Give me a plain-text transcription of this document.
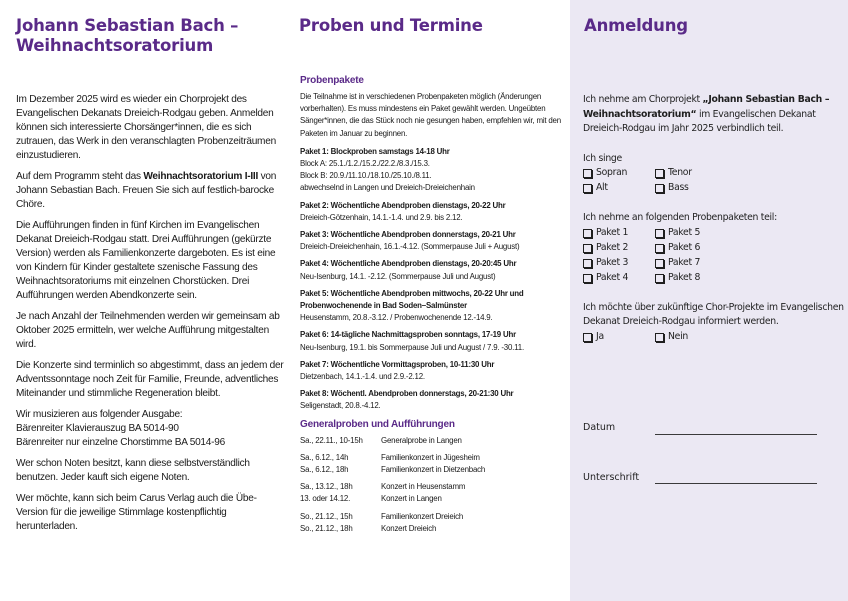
Johann Sebastian Bach – Weihnachtsoratorium

Im Dezember 2025 wird es wieder ein Chorprojekt des Evangelischen Dekanats Dreieich-Rodgau geben. Anmelden können sich interessierte Chorsänger*innen, die es sich zutrauen, das Werk in den veranschlagten Probenzeiträumen einzustudieren.

Auf dem Programm steht das Weihnachtsoratorium I-III von Johann Sebastian Bach. Freuen Sie sich auf festlich-barocke Chöre.

Die Aufführungen finden in fünf Kirchen im Evangelischen Dekanat Dreieich-Rodgau statt. Drei Aufführungen (gekürzte Version) werden als Familienkonzerte dargeboten. Es ist eine von Kindern für Kinder gestaltete szenische Fassung des Weihnachtsoratoriums mit einzelnen Chorstücken. Drei Aufführungen werden Abendkonzerte sein.

Je nach Anzahl der Teilnehmenden werden wir gemeinsam ab Oktober 2025 ermitteln, wer welche Aufführung mitgestalten wird.

Die Konzerte sind terminlich so abgestimmt, dass an jedem der Adventssonntage noch Zeit für Familie, Freunde, adventliches Miteinander und stimmliche Regeneration bleibt.

Wir musizieren aus folgender Ausgabe:
Bärenreiter Klavierauszug BA 5014-90
Bärenreiter nur einzelne Chorstimme BA 5014-96

Wer schon Noten besitzt, kann diese selbstverständlich benutzen. Jeder kauft sich eigene Noten.

Wer möchte, kann sich beim Carus Verlag auch die Übe-Version für die jeweilige Stimmlage kostenpflichtig herunterladen.

Proben und Termine
Probenpakete
Die Teilnahme ist in verschiedenen Probenpaketen möglich (Änderungen vorberhalten). Es muss mindestens ein Paket gewählt werden. Ungeübten Sänger*innen, die das Stück noch nie gesungen haben, empfehlen wir, mit den Paketen im Januar zu beginnen.
Paket 1: Blockproben samstags 14-18 Uhr
Block A: 25.1./1.2./15.2./22.2./8.3./15.3.
Block B: 20.9./11.10./18.10./25.10./8.11.
abwechselnd in Langen und Dreieich-Dreieichenhain
Paket 2: Wöchentliche Abendproben dienstags, 20-22 Uhr
Dreieich-Götzenhain, 14.1.-1.4. und 2.9. bis 2.12.
Paket 3: Wöchentliche Abendproben donnerstags, 20-21 Uhr
Dreieich-Dreieichenhain, 16.1.-4.12. (Sommerpause Juli + August)
Paket 4: Wöchentliche Abendproben dienstags, 20-20:45 Uhr
Neu-Isenburg, 14.1. -2.12. (Sommerpause Juli und August)
Paket 5: Wöchentliche Abendproben mittwochs, 20-22 Uhr und Probenwochenende in Bad Soden–Salmünster
Heusenstamm, 20.8.-3.12. / Probenwochenende 12.-14.9.
Paket 6: 14-tägliche Nachmittagsproben sonntags, 17-19 Uhr
Neu-Isenburg, 19.1. bis Sommerpause Juli und August / 7.9. -30.11.
Paket 7: Wöchentliche Vormittagsproben, 10-11:30 Uhr
Dietzenbach, 14.1.-1.4. und 2.9.-2.12.
Paket 8: Wöchentl. Abendproben donnerstags, 20-21:30 Uhr
Seligenstadt, 20.8.-4.12.
Generalproben und Aufführungen
Sa., 22.11., 10-15h	Generalprobe in Langen
Sa., 6.12., 14h	Familienkonzert in Jügesheim
Sa., 6.12., 18h	Familienkonzert in Dietzenbach
Sa., 13.12., 18h	Konzert in Heusenstamm
13. oder 14.12.	Konzert in Langen
So., 21.12., 15h	Familienkonzert Dreieich
So., 21.12., 18h	Konzert Dreieich
Anmeldung
Ich nehme am Chorprojekt „Johann Sebastian Bach – Weihnachtsoratorium“ im Evangelischen Dekanat Dreieich-Rodgau im Jahr 2025 verbindlich teil.
Ich singe
Sopran	Tenor
Alt	Bass
Ich nehme an folgenden Probenpaketen teil:
Paket 1	Paket 5
Paket 2	Paket 6
Paket 3	Paket 7
Paket 4	Paket 8
Ich möchte über zukünftige Chor-Projekte im Evangelischen Dekanat Dreieich-Rodgau informiert werden.
Ja	Nein
Datum
Unterschrift
